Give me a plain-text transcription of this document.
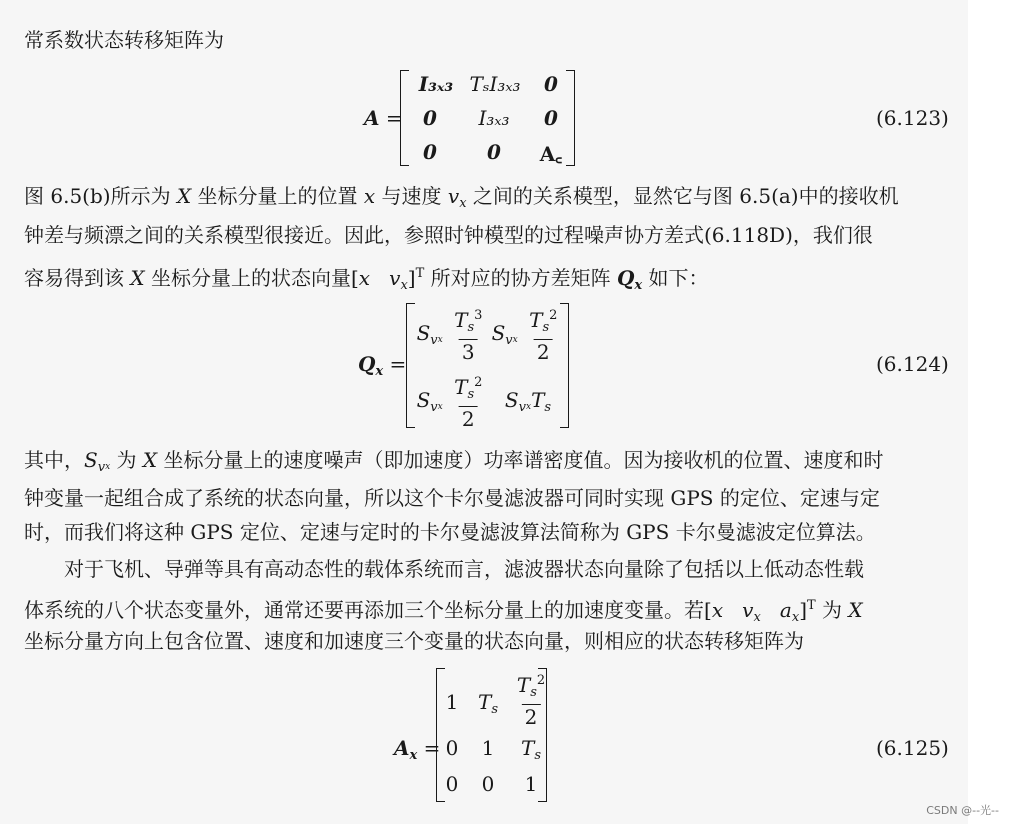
常系数状态转移矩阵为
A =
I₃ₓ₃ TₛI₃ₓ₃ 0
0 I₃ₓ₃ 0
0	0 A꜀
(6.123)
图 6.5(b)所示为 X 坐标分量上的位置 x 与速度 $v_x$ 之间的关系模型，显然它与图 6.5(a)中的接收机
钟差与频漂之间的关系模型很接近。因此，参照时钟模型的过程噪声协方差式(6.118D)，我们很
容易得到该 X 坐标分量上的状态向量[x $v_x]^T$ 所对应的协方差矩阵 $Q_x$ 如下：
$Q_x$ =
$S_vx \frac{T_s^3}{3} S_vx \frac{T_s^2}{2}$
$S_vx \frac{T_s^2}{2} S_vxT_s$
(6.124)
其中，$S_vx$ 为 X 坐标分量上的速度噪声（即加速度）功率谱密度值。因为接收机的位置、速度和时
钟变量一起组合成了系统的状态向量，所以这个卡尔曼滤波器可同时实现 GPS 的定位、定速与定
时，而我们将这种 GPS 定位、定速与定时的卡尔曼滤波算法简称为 GPS 卡尔曼滤波定位算法。
对于飞机、导弹等具有高动态性的载体系统而言，滤波器状态向量除了包括以上低动态性载
体系统的八个状态变量外，通常还要再添加三个坐标分量上的加速度变量。若[x $v_x$ $a_x]^T$ 为 X
坐标分量方向上包含位置、速度和加速度三个变量的状态向量，则相应的状态转移矩阵为
$A_x$ =
1 $T_s \frac{T_s^2}{2}$
0 1 $T_s$
0 0 1
(6.125)
CSDN @--光--
